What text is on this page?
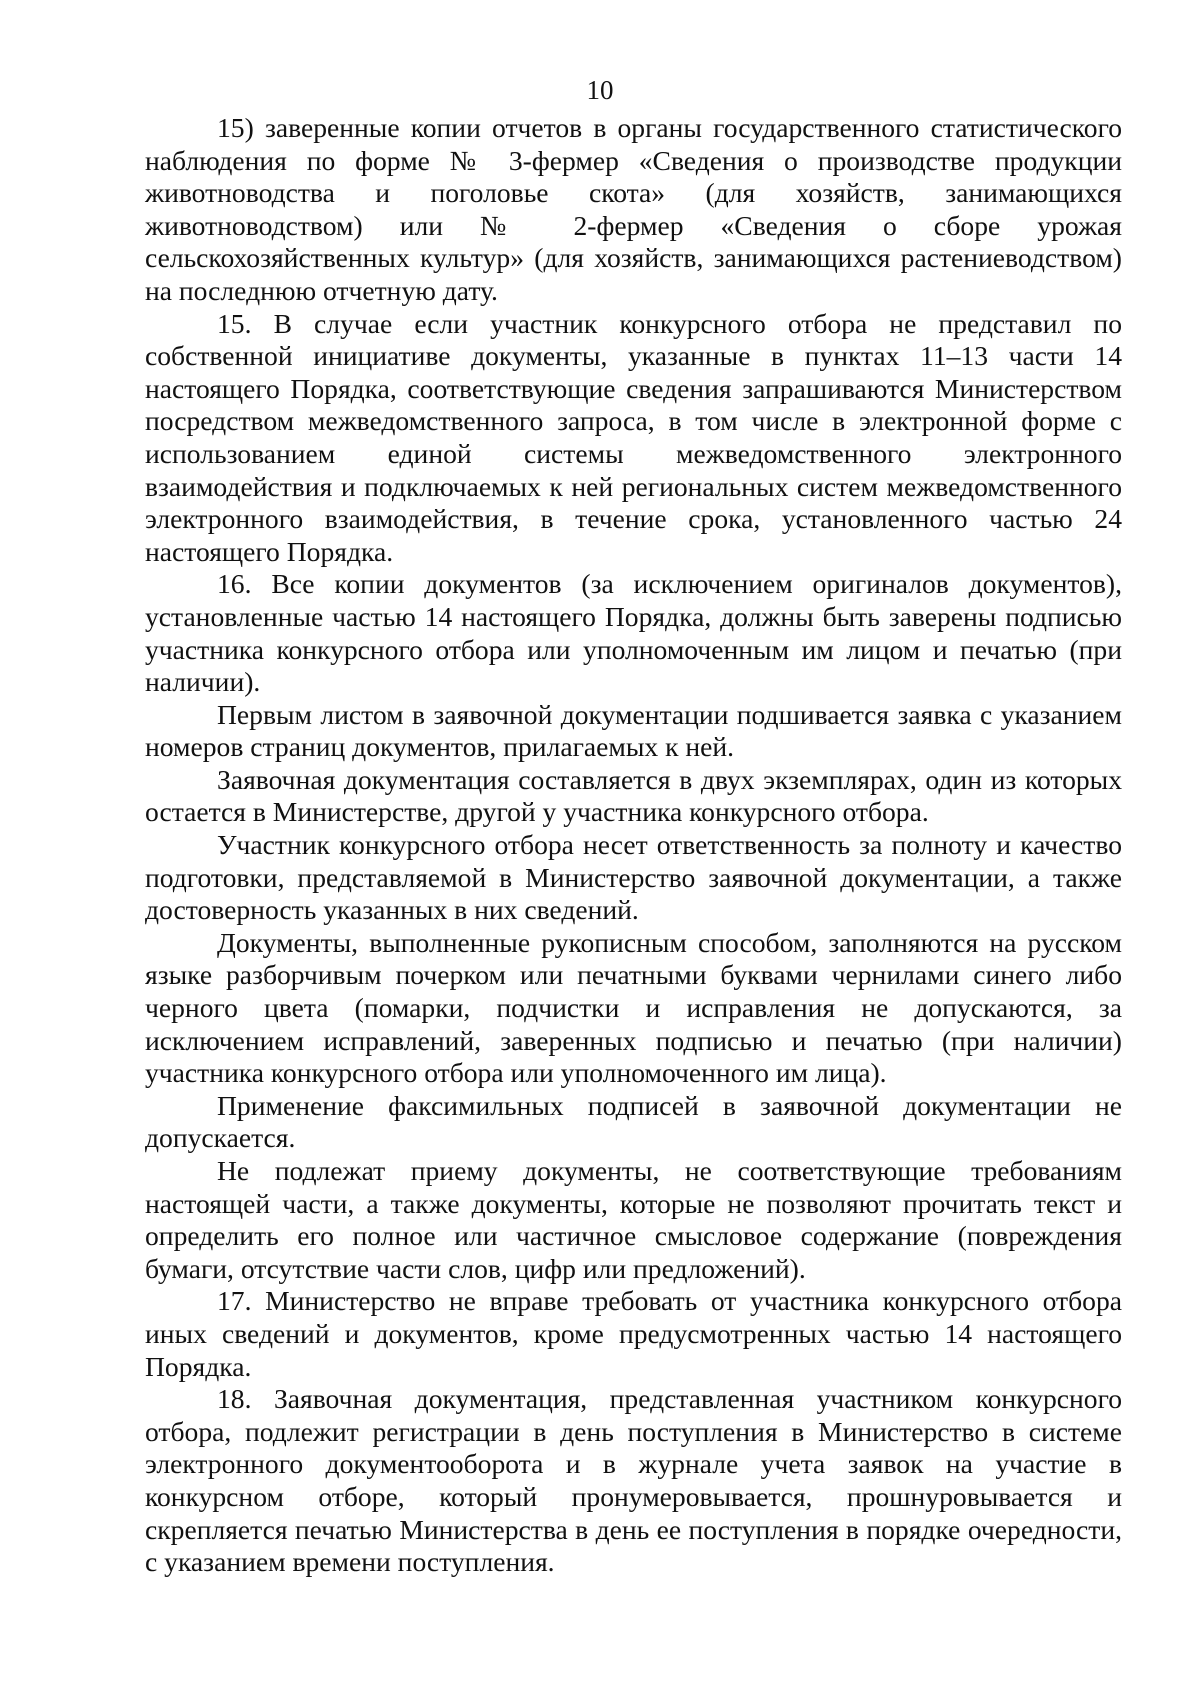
10

15) заверенные копии отчетов в органы государственного статистического наблюдения по форме № 3-фермер «Сведения о производстве продукции животноводства и поголовье скота» (для хозяйств, занимающихся животноводством) или № 2-фермер «Сведения о сборе урожая сельскохозяйственных культур» (для хозяйств, занимающихся растениеводством) на последнюю отчетную дату.

15. В случае если участник конкурсного отбора не представил по собственной инициативе документы, указанные в пунктах 11–13 части 14 настоящего Порядка, соответствующие сведения запрашиваются Министерством посредством межведомственного запроса, в том числе в электронной форме с использованием единой системы межведомственного электронного взаимодействия и подключаемых к ней региональных систем межведомственного электронного взаимодействия, в течение срока, установленного частью 24 настоящего Порядка.

16. Все копии документов (за исключением оригиналов документов), установленные частью 14 настоящего Порядка, должны быть заверены подписью участника конкурсного отбора или уполномоченным им лицом и печатью (при наличии).

Первым листом в заявочной документации подшивается заявка с указанием номеров страниц документов, прилагаемых к ней.

Заявочная документация составляется в двух экземплярах, один из которых остается в Министерстве, другой у участника конкурсного отбора.

Участник конкурсного отбора несет ответственность за полноту и качество подготовки, представляемой в Министерство заявочной документации, а также достоверность указанных в них сведений.

Документы, выполненные рукописным способом, заполняются на русском языке разборчивым почерком или печатными буквами чернилами синего либо черного цвета (помарки, подчистки и исправления не допускаются, за исключением исправлений, заверенных подписью и печатью (при наличии) участника конкурсного отбора или уполномоченного им лица).

Применение факсимильных подписей в заявочной документации не допускается.

Не подлежат приему документы, не соответствующие требованиям настоящей части, а также документы, которые не позволяют прочитать текст и определить его полное или частичное смысловое содержание (повреждения бумаги, отсутствие части слов, цифр или предложений).

17. Министерство не вправе требовать от участника конкурсного отбора иных сведений и документов, кроме предусмотренных частью 14 настоящего Порядка.

18. Заявочная документация, представленная участником конкурсного отбора, подлежит регистрации в день поступления в Министерство в системе электронного документооборота и в журнале учета заявок на участие в конкурсном отборе, который пронумеровывается, прошнуровывается и скрепляется печатью Министерства в день ее поступления в порядке очередности, с указанием времени поступления.
